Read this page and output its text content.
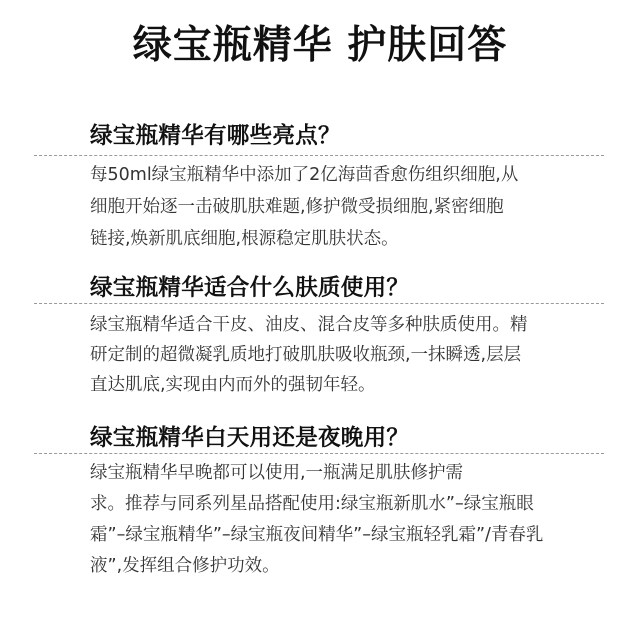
绿宝瓶精华 护肤回答
绿宝瓶精华有哪些亮点？
每50ml绿宝瓶精华中添加了2亿海茴香愈伤组织细胞,从
细胞开始逐一击破肌肤难题,修护微受损细胞,紧密细胞
链接,焕新肌底细胞,根源稳定肌肤状态。
绿宝瓶精华适合什么肤质使用？
绿宝瓶精华适合干皮、油皮、混合皮等多种肤质使用。精
研定制的超微凝乳质地打破肌肤吸收瓶颈,一抹瞬透,层层
直达肌底,实现由内而外的强韧年轻。
绿宝瓶精华白天用还是夜晚用？
绿宝瓶精华早晚都可以使用,一瓶满足肌肤修护需
求。推荐与同系列星品搭配使用:绿宝瓶新肌水”–绿宝瓶眼
霜”–绿宝瓶精华”–绿宝瓶夜间精华”–绿宝瓶轻乳霜”/青春乳
液”,发挥组合修护功效。
